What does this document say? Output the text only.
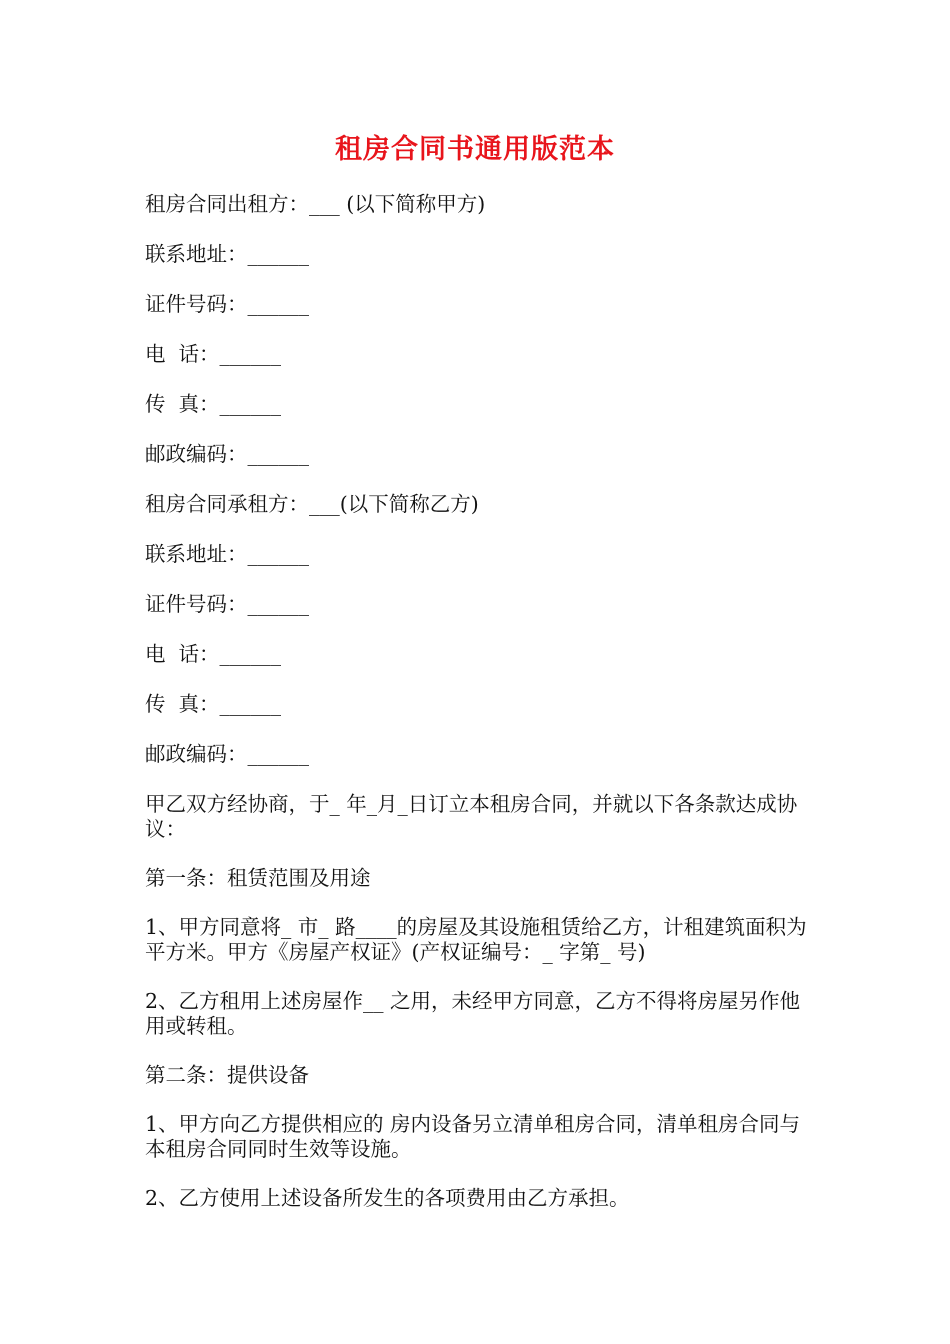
租房合同书通用版范本

租房合同出租方：___ (以下简称甲方)

联系地址：______

证件号码：______

电  话：______

传  真：______

邮政编码：______

租房合同承租方：___(以下简称乙方)

联系地址：______

证件号码：______

电  话：______

传  真：______

邮政编码：______

甲乙双方经协商，于_ 年_月_日订立本租房合同，并就以下各条款达成协议：

第一条：租赁范围及用途

1、甲方同意将_ 市_ 路____的房屋及其设施租赁给乙方，计租建筑面积为平方米。甲方《房屋产权证》(产权证编号：_ 字第_ 号)

2、乙方租用上述房屋作__ 之用，未经甲方同意，乙方不得将房屋另作他用或转租。

第二条：提供设备

1、甲方向乙方提供相应的 房内设备另立清单租房合同，清单租房合同与本租房合同同时生效等设施。

2、乙方使用上述设备所发生的各项费用由乙方承担。
